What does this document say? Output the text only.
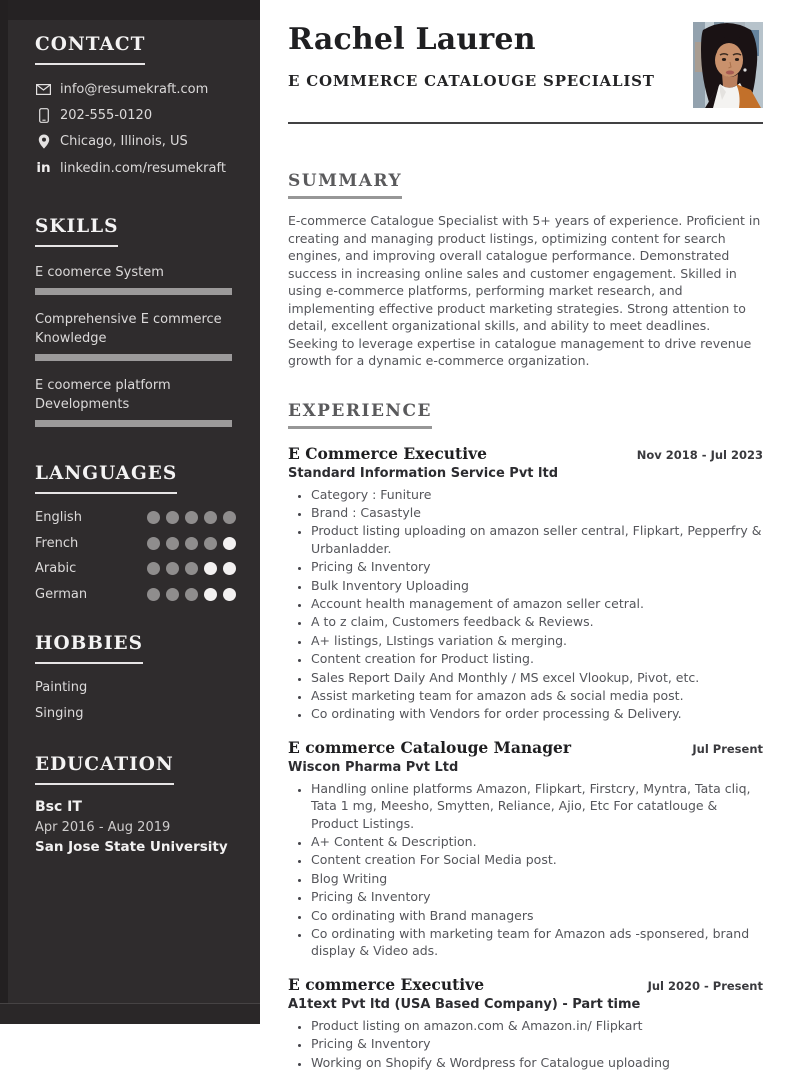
CONTACT
info@resumekraft.com
202-555-0120
Chicago, Illinois, US
in linkedin.com/resumekraft
SKILLS
E coomerce System
Comprehensive E commerce Knowledge
E coomerce platform Developments
LANGUAGES
English
French
Arabic
German
HOBBIES
Painting
Singing
EDUCATION
Bsc IT
Apr 2016 - Aug 2019
San Jose State University
Rachel Lauren
E COMMERCE CATALOUGE SPECIALIST
SUMMARY

E-commerce Catalogue Specialist with 5+ years of experience. Proficient in creating and managing product listings, optimizing content for search engines, and improving overall catalogue performance. Demonstrated success in increasing online sales and customer engagement. Skilled in using e-commerce platforms, performing market research, and implementing effective product marketing strategies. Strong attention to detail, excellent organizational skills, and ability to meet deadlines. Seeking to leverage expertise in catalogue management to drive revenue growth for a dynamic e-commerce organization.

EXPERIENCE
E Commerce Executive	Nov 2018 - Jul 2023
Standard Information Service Pvt ltd
• Category : Funiture
• Brand : Casastyle
• Product listing uploading on amazon seller central, Flipkart, Pepperfry & Urbanladder.
• Pricing & Inventory
• Bulk Inventory Uploading
• Account health management of amazon seller cetral.
• A to z claim, Customers feedback & Reviews.
• A+ listings, LIstings variation & merging.
• Content creation for Product listing.
• Sales Report Daily And Monthly / MS excel Vlookup, Pivot, etc.
• Assist marketing team for amazon ads & social media post.
• Co ordinating with Vendors for order processing & Delivery.
E commerce Catalouge Manager	Jul Present
Wiscon Pharma Pvt Ltd
• Handling online platforms Amazon, Flipkart, Firstcry, Myntra, Tata cliq, Tata 1 mg, Meesho, Smytten, Reliance, Ajio, Etc For catatlouge & Product Listings.
• A+ Content & Description.
• Content creation For Social Media post.
• Blog Writing
• Pricing & Inventory
• Co ordinating with Brand managers
• Co ordinating with marketing team for Amazon ads -sponsered, brand display & Video ads.
E commerce Executive	Jul 2020 - Present
A1text Pvt ltd (USA Based Company) - Part time
• Product listing on amazon.com & Amazon.in/ Flipkart
• Pricing & Inventory
• Working on Shopify & Wordpress for Catalogue uploading
